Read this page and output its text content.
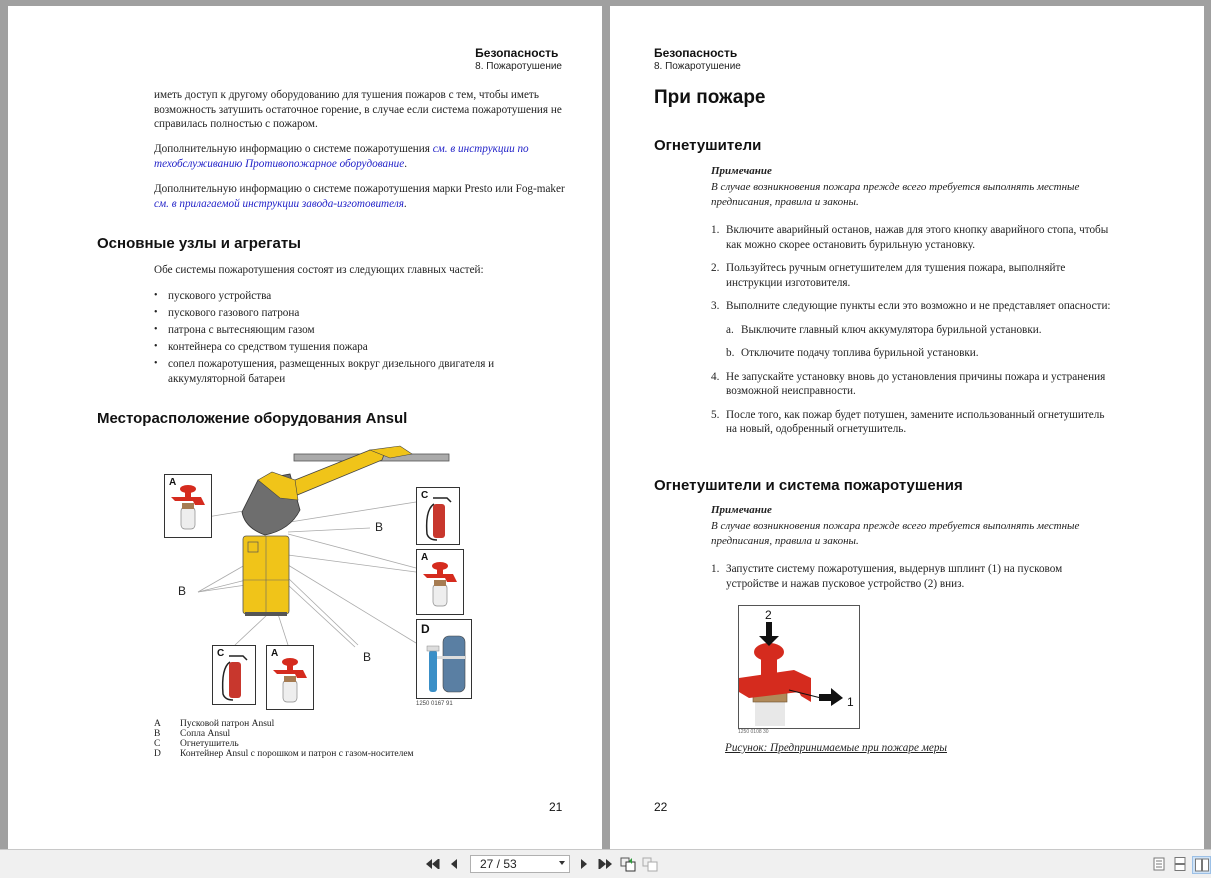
Безопасность
8. Пожаротушение

иметь доступ к другому оборудованию для тушения пожаров с тем, чтобы иметь возможность затушить остаточное горение, в случае если система пожаротушения не справилась полностью с пожаром.

Дополнительную информацию о системе пожаротушения см. в инструкции по техобслуживанию Противопожарное оборудование.

Дополнительную информацию о системе пожаротушения марки Presto или Fog-maker см. в прилагаемой инструкции завода-изготовителя.

Основные узлы и агрегаты

Обе системы пожаротушения состоят из следующих главных частей:

• пускового устройства
• пускового газового патрона
• патрона с вытесняющим газом
• контейнера со средством тушения пожара
• сопел пожаротушения, размещенных вокруг дизельного двигателя и аккумуляторной батареи
Месторасположение оборудования Ansul
A
C
A
D
1250 0167 91
C	A
B
B
B
A	Пусковой патрон Ansul
B	Сопла Ansul
C	Огнетушитель
D	Контейнер Ansul с порошком и патрон с газом-носителем
21
Безопасность
8. Пожаротушение
При пожаре
Огнетушители
Примечание
В случае возникновения пожара прежде всего требуется выполнять местные предписания, правила и законы.
1. Включите аварийный останов, нажав для этого кнопку аварийного стопа, чтобы как можно скорее остановить бурильную установку.
2. Пользуйтесь ручным огнетушителем для тушения пожара, выполняйте инструкции изготовителя.
3. Выполните следующие пункты если это возможно и не представляет опасности:
a. Выключите главный ключ аккумулятора бурильной установки.
b. Отключите подачу топлива бурильной установки.
4. Не запускайте установку вновь до установления причины пожара и устранения возможной неисправности.
5. После того, как пожар будет потушен, замените использованный огнетушитель на новый, одобренный огнетушитель.
Огнетушители и система пожаротушения
Примечание
В случае возникновения пожара прежде всего требуется выполнять местные предписания, правила и законы.
1. Запустите систему пожаротушения, выдернув шплинт (1) на пусковом устройстве и нажав пусковое устройство (2) вниз.
2
1
1250 0108 30
Рисунок: Предпринимаемые при пожаре меры
22
27 / 53
